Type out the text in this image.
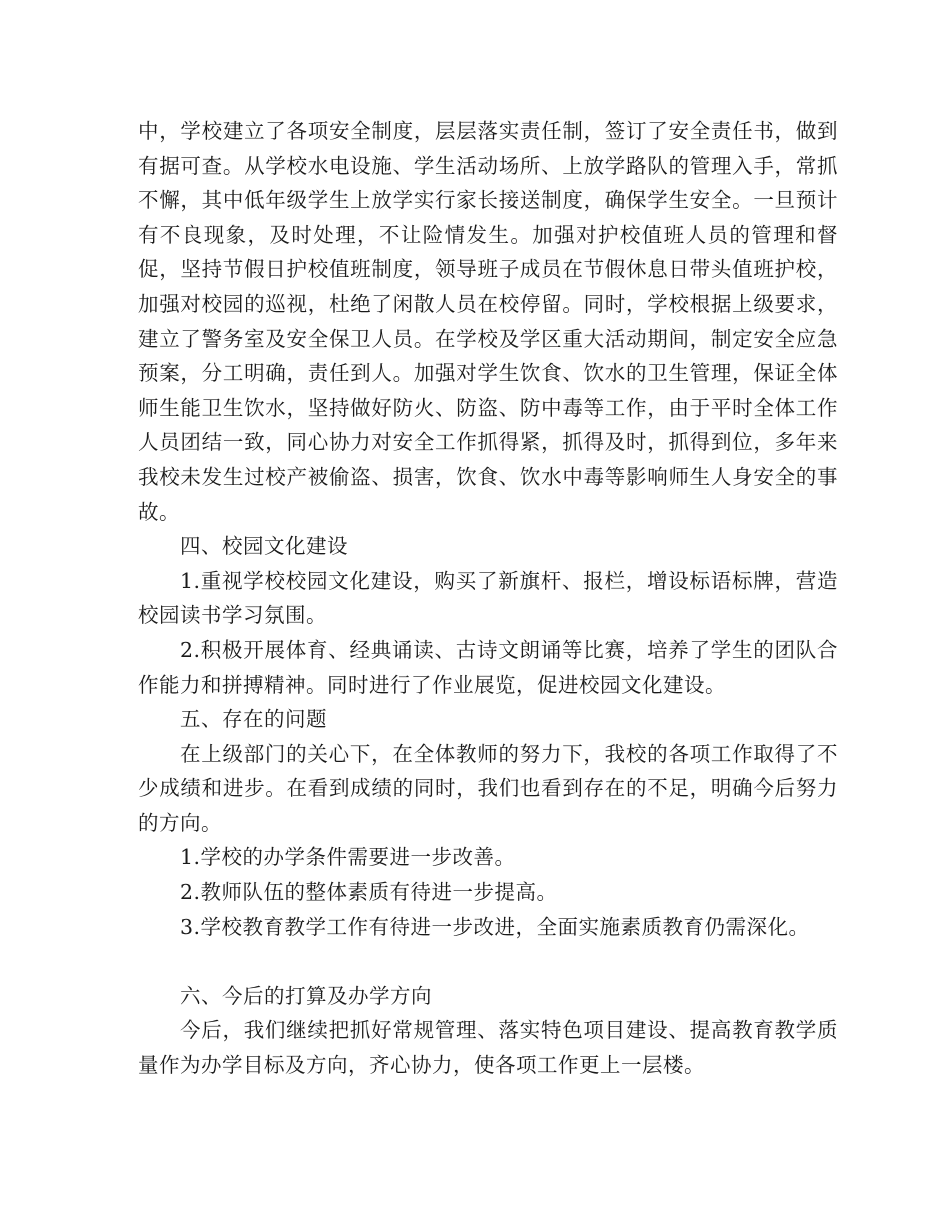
中，学校建立了各项安全制度，层层落实责任制，签订了安全责任书，做到有据可查。从学校水电设施、学生活动场所、上放学路队的管理入手，常抓不懈，其中低年级学生上放学实行家长接送制度，确保学生安全。一旦预计有不良现象，及时处理，不让险情发生。加强对护校值班人员的管理和督促，坚持节假日护校值班制度，领导班子成员在节假休息日带头值班护校，加强对校园的巡视，杜绝了闲散人员在校停留。同时，学校根据上级要求，建立了警务室及安全保卫人员。在学校及学区重大活动期间，制定安全应急预案，分工明确，责任到人。加强对学生饮食、饮水的卫生管理，保证全体师生能卫生饮水，坚持做好防火、防盗、防中毒等工作，由于平时全体工作人员团结一致，同心协力对安全工作抓得紧，抓得及时，抓得到位，多年来我校未发生过校产被偷盗、损害，饮食、饮水中毒等影响师生人身安全的事故。

四、校园文化建设

1.重视学校校园文化建设，购买了新旗杆、报栏，增设标语标牌，营造校园读书学习氛围。

2.积极开展体育、经典诵读、古诗文朗诵等比赛，培养了学生的团队合作能力和拼搏精神。同时进行了作业展览，促进校园文化建设。

五、存在的问题

在上级部门的关心下，在全体教师的努力下，我校的各项工作取得了不少成绩和进步。在看到成绩的同时，我们也看到存在的不足，明确今后努力的方向。

1.学校的办学条件需要进一步改善。

2.教师队伍的整体素质有待进一步提高。

3.学校教育教学工作有待进一步改进，全面实施素质教育仍需深化。

六、今后的打算及办学方向

今后，我们继续把抓好常规管理、落实特色项目建设、提高教育教学质量作为办学目标及方向，齐心协力，使各项工作更上一层楼。
